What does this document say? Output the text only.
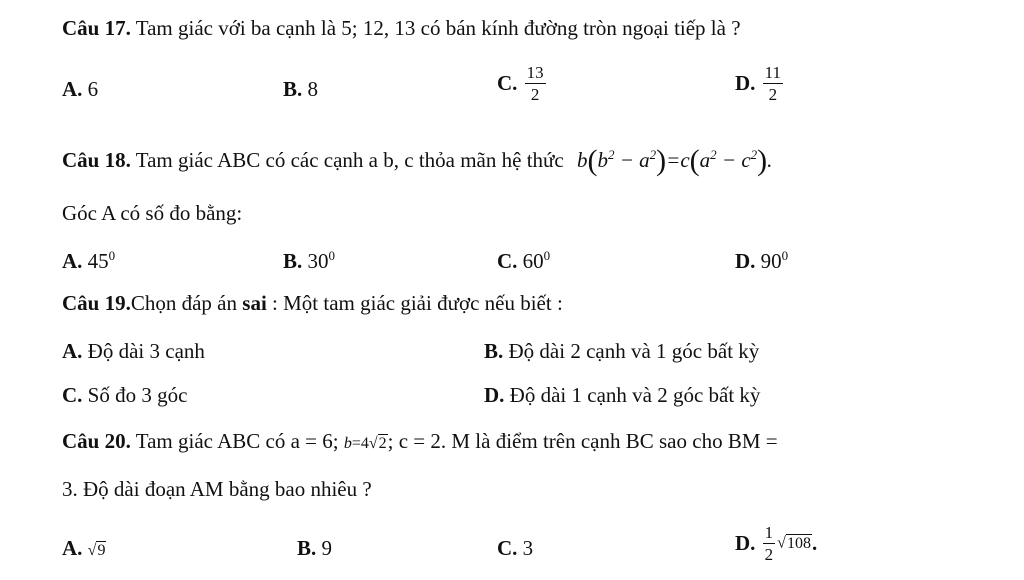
Câu 17. Tam giác với ba cạnh là 5; 12, 13 có bán kính đường tròn ngoại tiếp là ?
A. 6	B. 8	C. $\frac{13}{2}$	D. $\frac{11}{2}$
Câu 18. Tam giác ABC có các cạnh a b, c thỏa mãn hệ thức $b(b^2 - a^2)=c(a^2 - c^2)$.
Góc A có số đo bằng:
A. $45^0$	B. $30^0$	C. $60^0$	D. $90^0$
Câu 19.Chọn đáp án sai : Một tam giác giải được nếu biết :
A. Độ dài 3 cạnh	B. Độ dài 2 cạnh và 1 góc bất kỳ
C. Số đo 3 góc	D. Độ dài 1 cạnh và 2 góc bất kỳ
Câu 20. Tam giác ABC có a = 6; b=4√2; c = 2. M là điểm trên cạnh BC sao cho BM =
3. Độ dài đoạn AM bằng bao nhiêu ?
A. √9	B. 9	C. 3	D. $\frac{1}{2} √108$.
